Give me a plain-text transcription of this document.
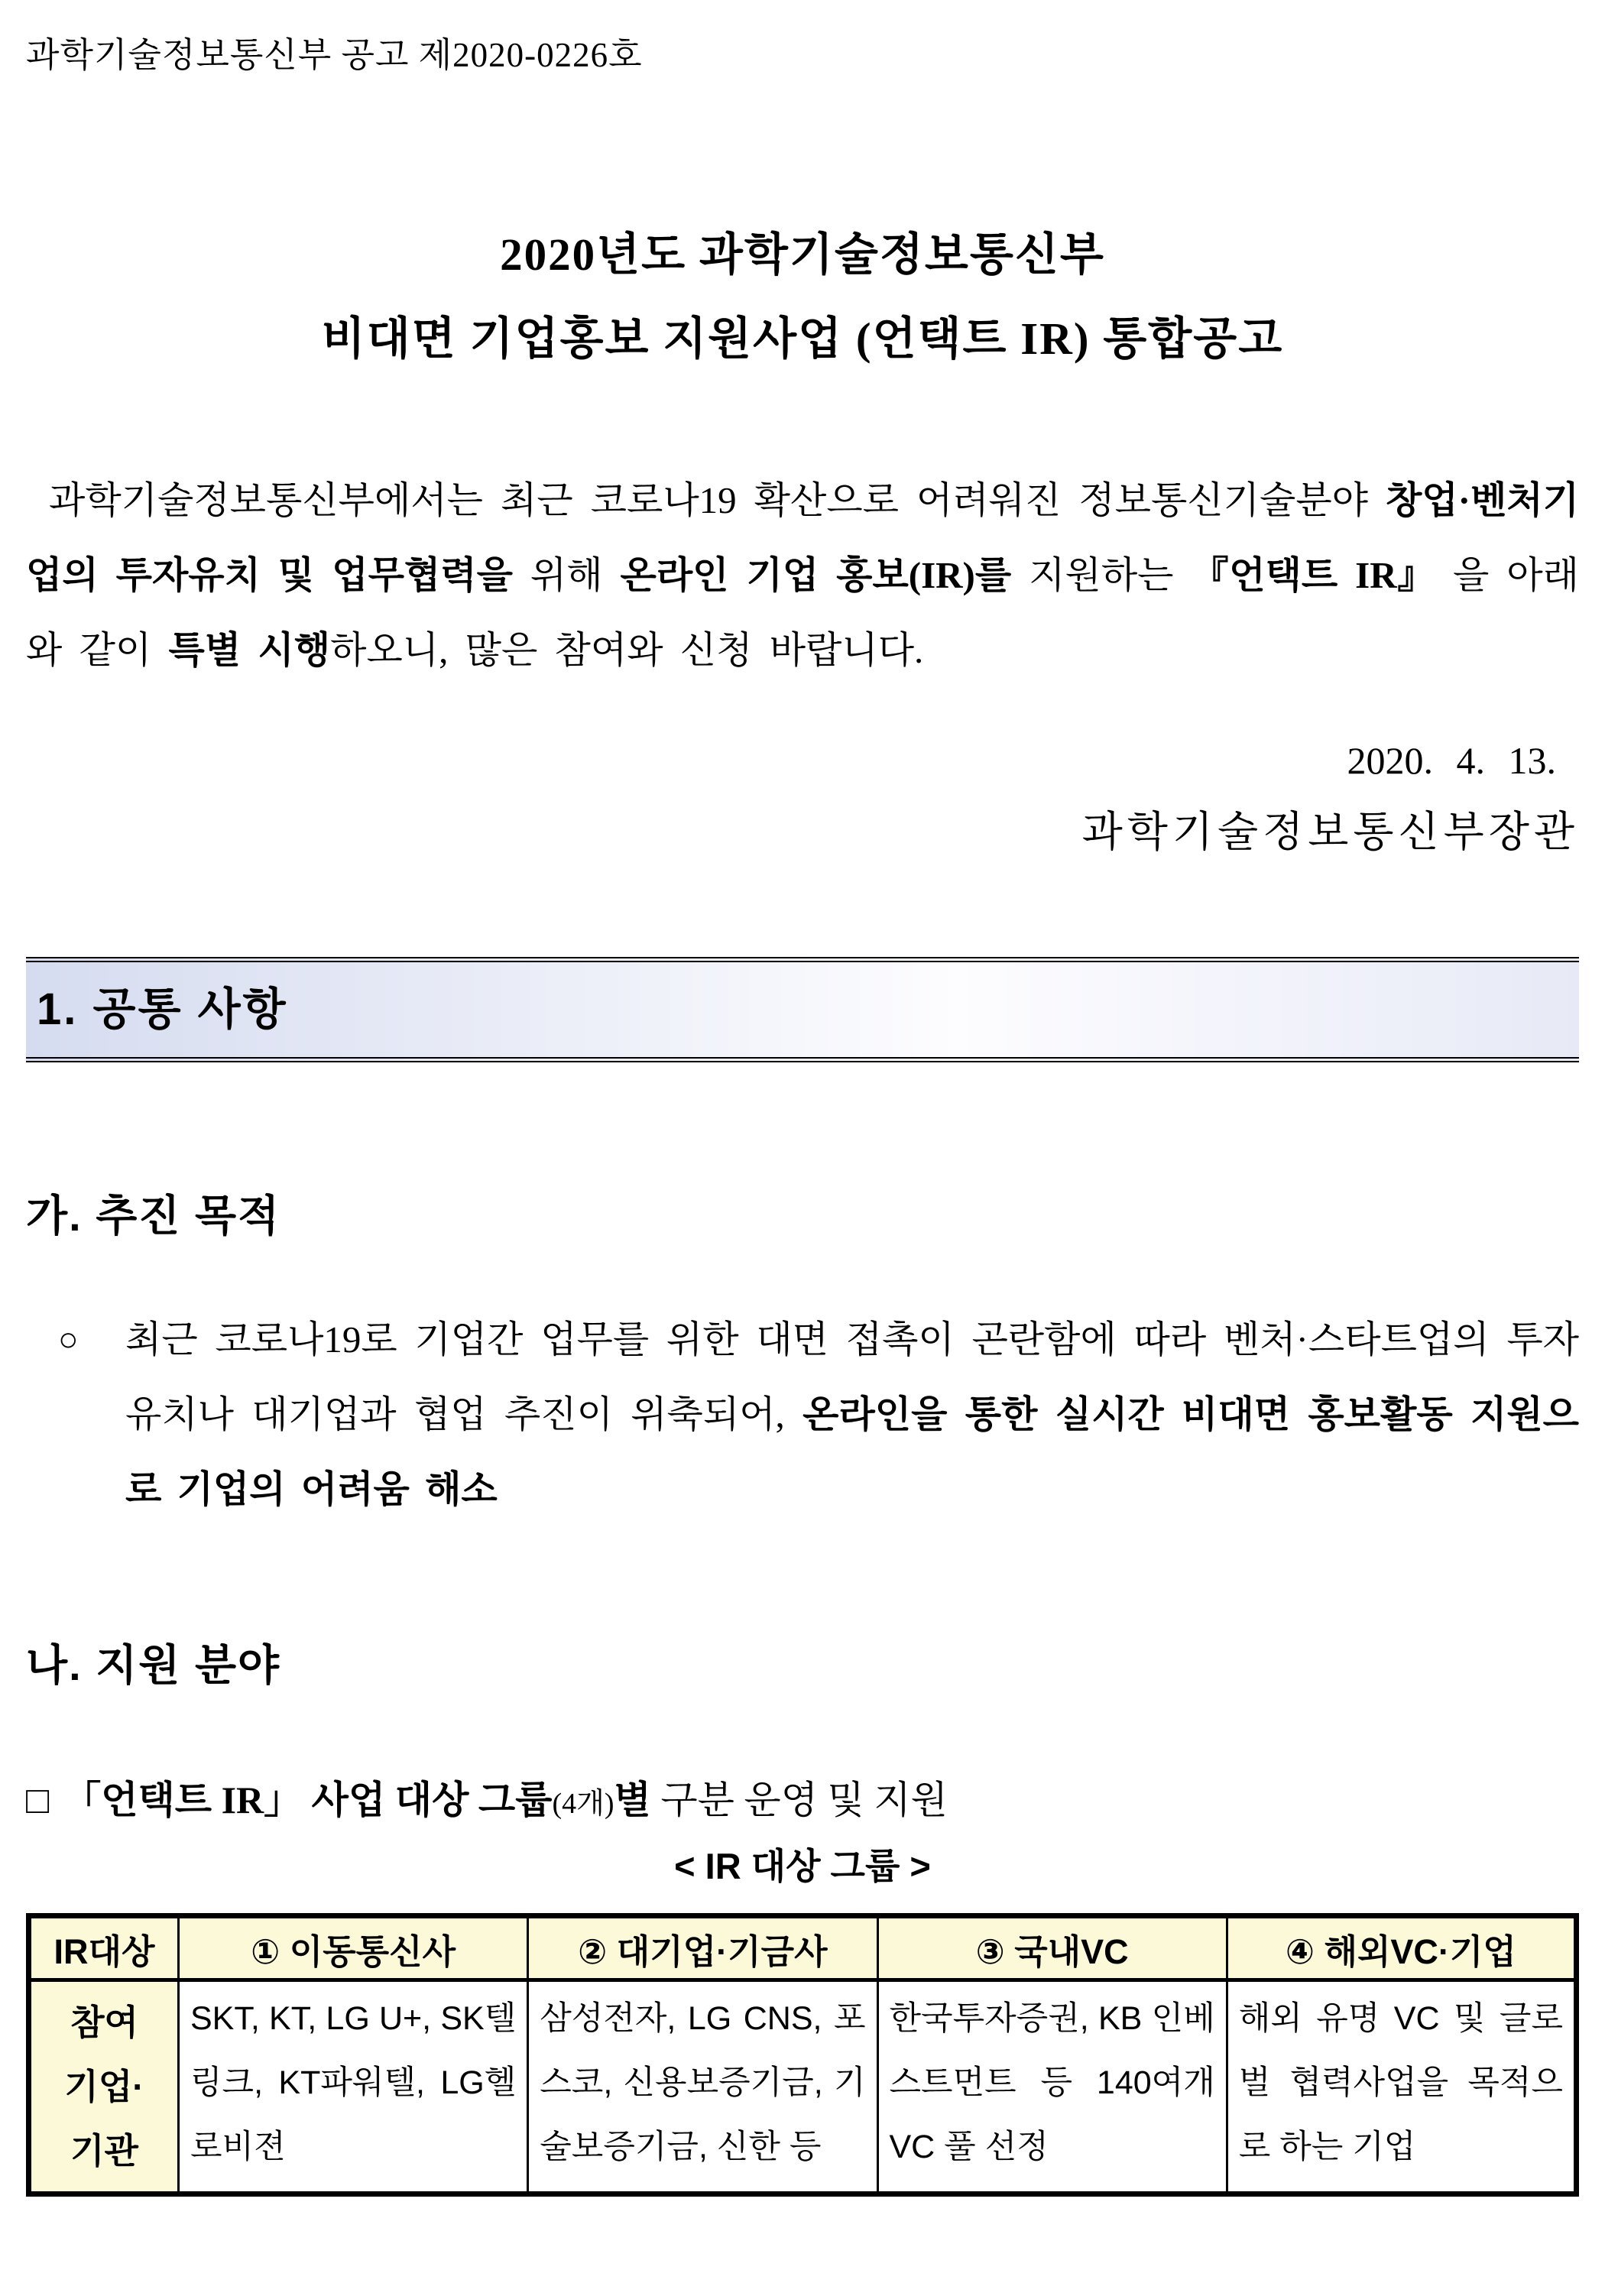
과학기술정보통신부 공고 제2020-0226호
2020년도 과학기술정보통신부
비대면 기업홍보 지원사업 (언택트 IR) 통합공고

과학기술정보통신부에서는 최근 코로나19 확산으로 어려워진 정보통신기술분야 창업·벤처기업의 투자유치 및 업무협력을 위해 온라인 기업 홍보(IR)를 지원하는 『언택트 IR』 을 아래와 같이 특별 시행하오니, 많은 참여와 신청 바랍니다.

2020. 4. 13.
과학기술정보통신부장관
1. 공통 사항
가. 추진 목적
○	최근 코로나19로 기업간 업무를 위한 대면 접촉이 곤란함에 따라 벤처·스타트업의 투자 유치나 대기업과 협업 추진이 위축되어, 온라인을 통한 실시간 비대면 홍보활동 지원으로 기업의 어려움 해소
나. 지원 분야
□ 「언택트 IR」 사업 대상 그룹(4개)별 구분 운영 및 지원
< IR 대상 그룹 >
IR대상	① 이동통신사	② 대기업·기금사	③ 국내VC	④ 해외VC·기업

참여
기업·
기관	SKT, KT, LG U+, SK텔링크, KT파워텔, LG헬로비젼	삼성전자, LG CNS, 포스코, 신용보증기금, 기술보증기금, 신한 등	한국투자증권, KB 인베스트먼트 등 140여개 VC 풀 선정	해외 유명 VC 및 글로벌 협력사업을 목적으로 하는 기업
